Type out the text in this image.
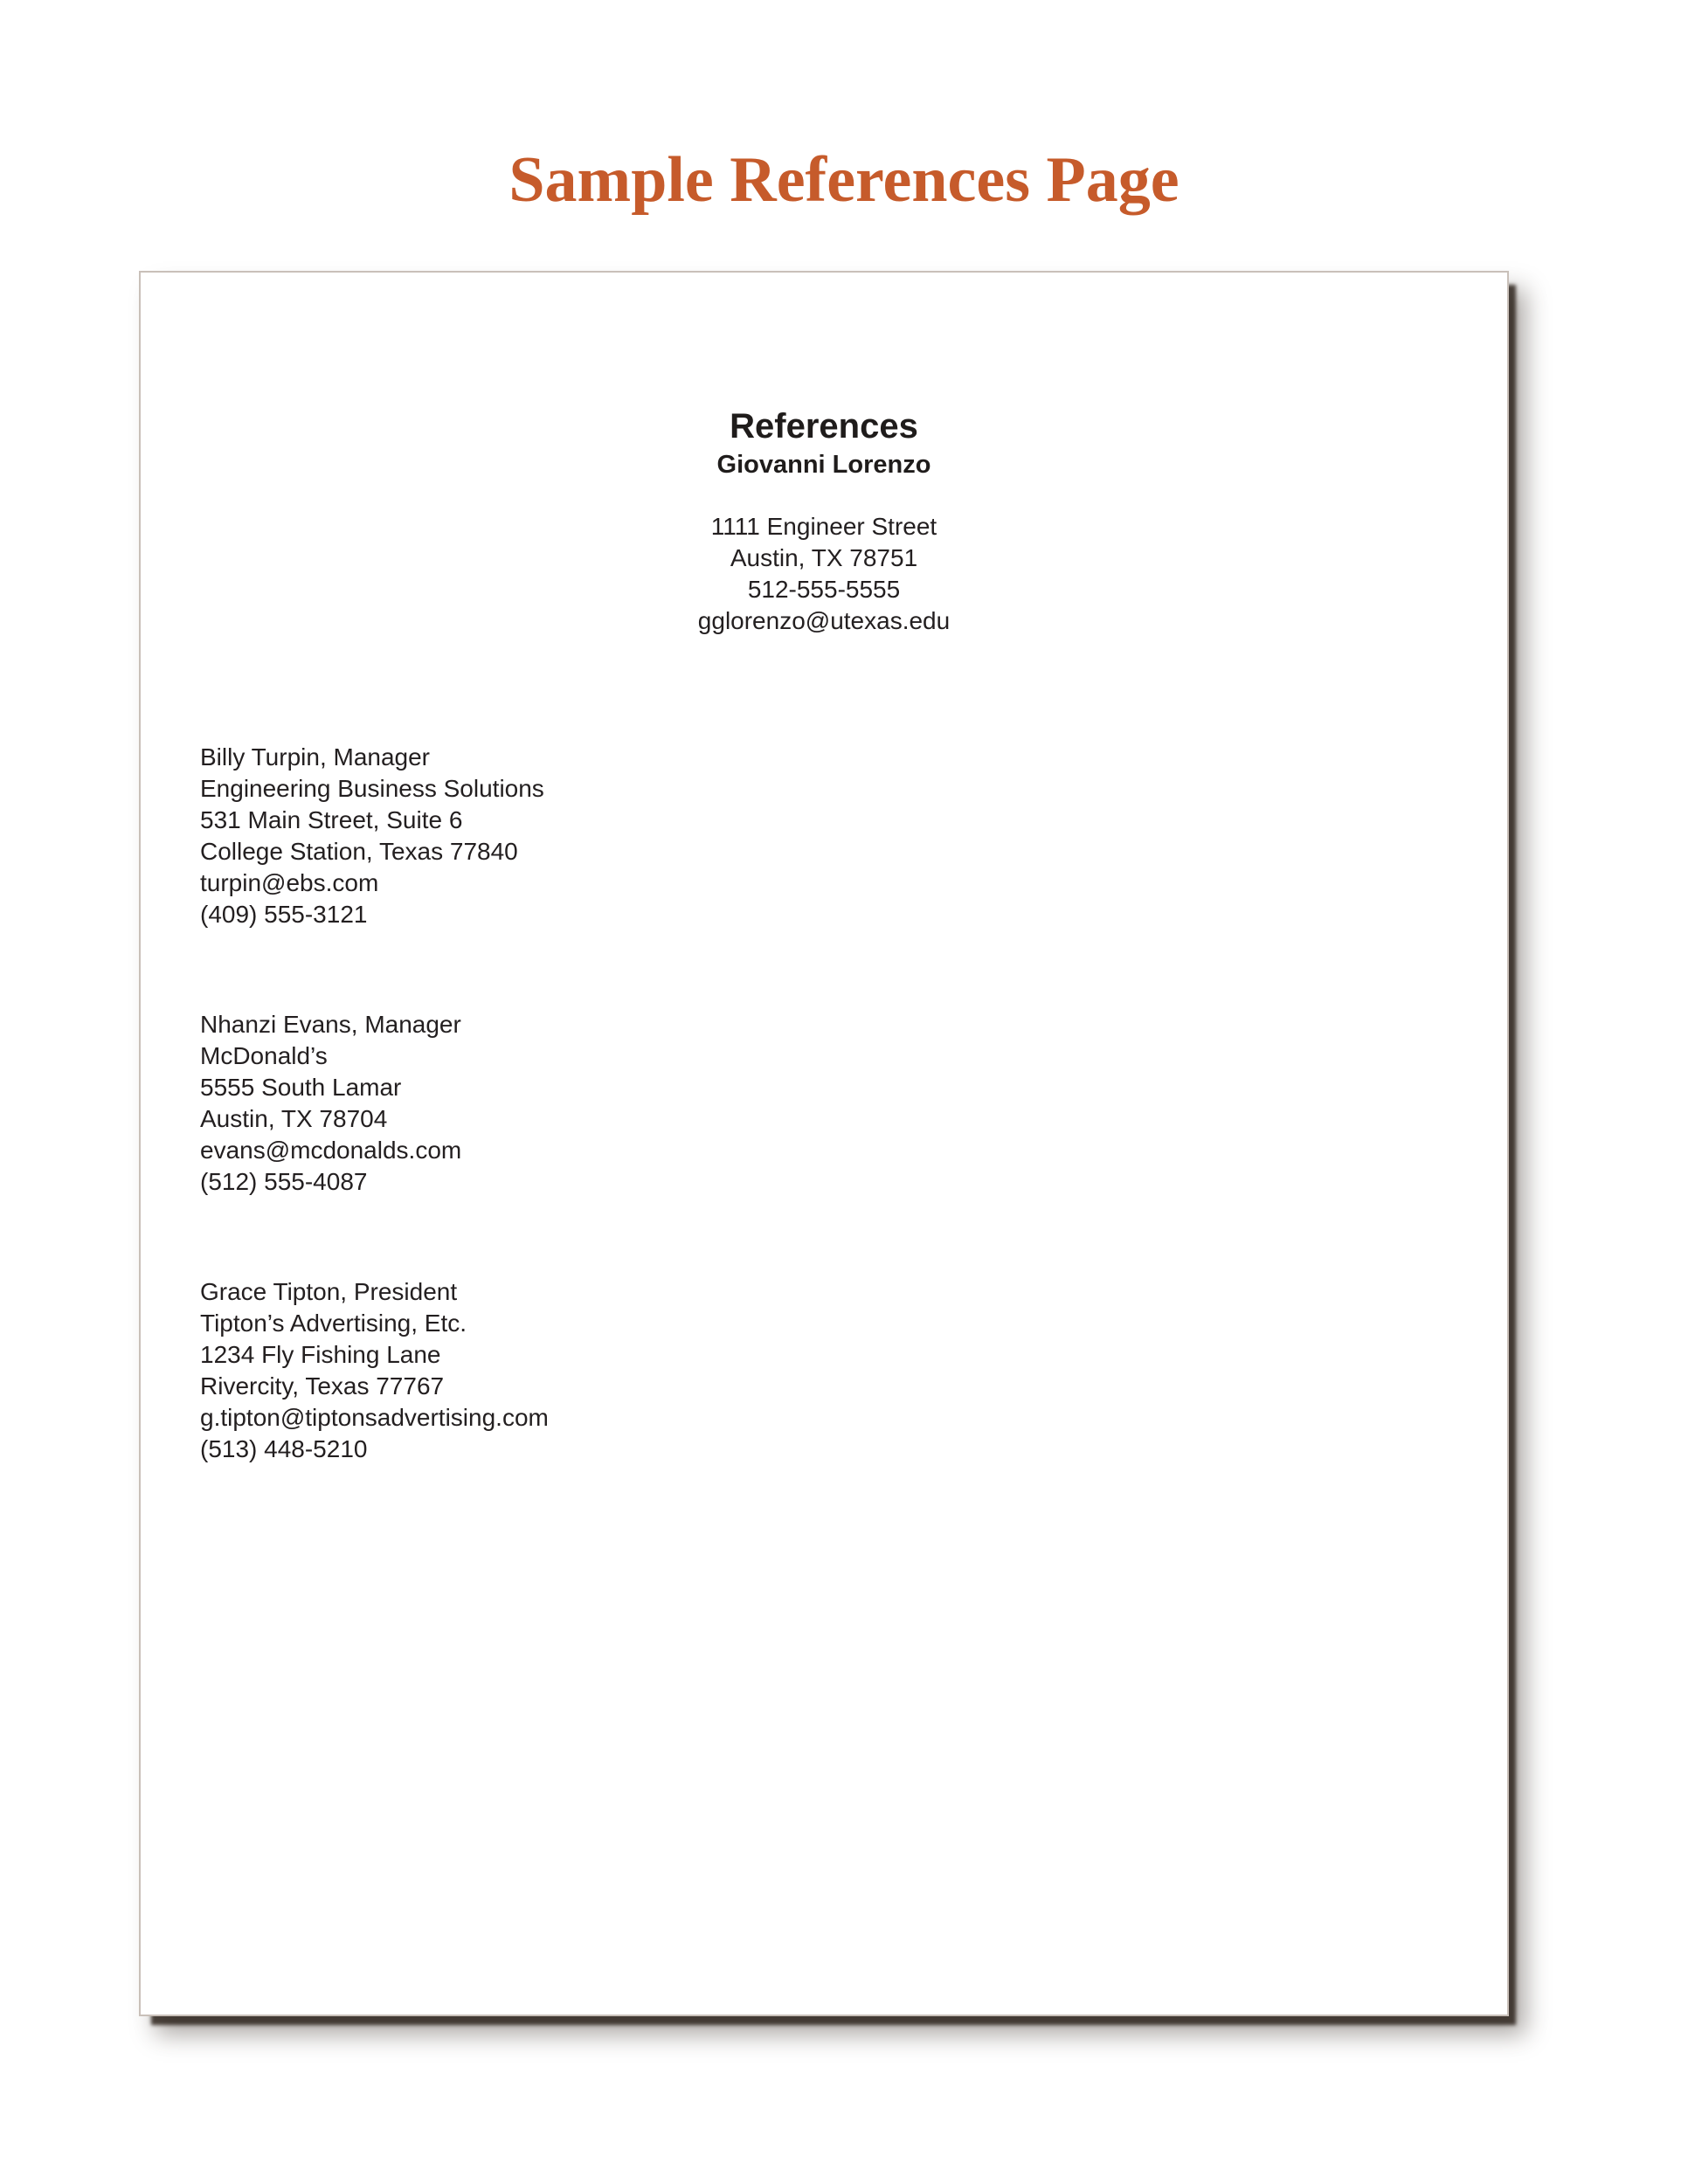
Sample References Page
References
Giovanni Lorenzo
1111 Engineer Street
Austin, TX 78751
512-555-5555
gglorenzo@utexas.edu
Billy Turpin, Manager
Engineering Business Solutions
531 Main Street, Suite 6
College Station, Texas 77840
turpin@ebs.com
(409) 555-3121
Nhanzi Evans, Manager
McDonald’s
5555 South Lamar
Austin, TX 78704
evans@mcdonalds.com
(512) 555-4087
Grace Tipton, President
Tipton’s Advertising, Etc.
1234 Fly Fishing Lane
Rivercity, Texas 77767
g.tipton@tiptonsadvertising.com
(513) 448-5210
